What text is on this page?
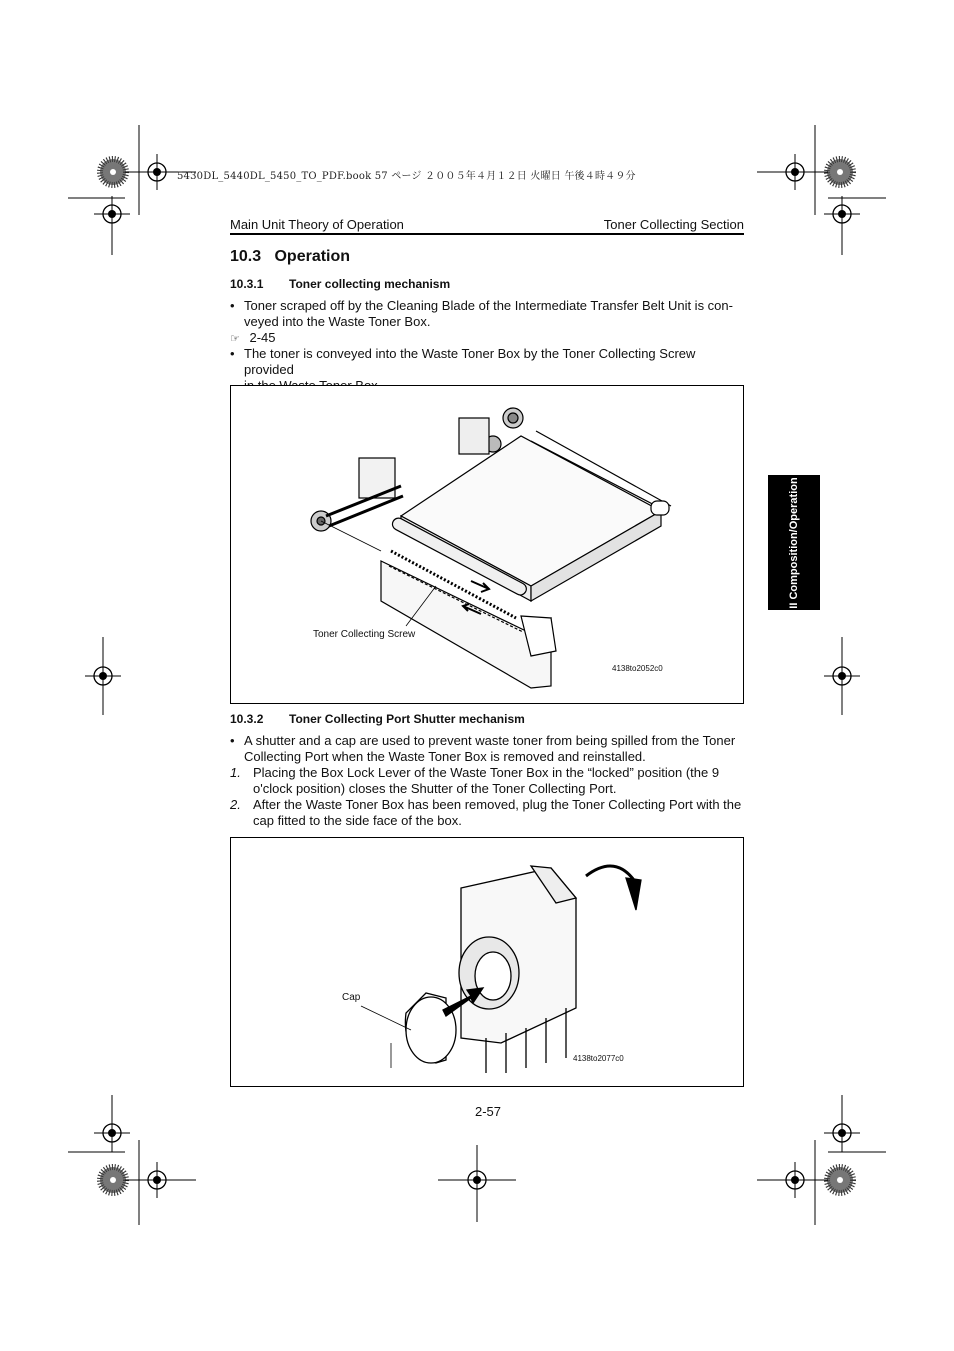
5430DL_5440DL_5450_TO_PDF.book 57 ページ ２００５年４月１２日 火曜日 午後４時４９分
Main Unit Theory of Operation	Toner Collecting Section
10.3   Operation
10.3.1 Toner collecting mechanism
• Toner scraped off by the Cleaning Blade of the Intermediate Transfer Belt Unit is con-
veyed into the Waste Toner Box.
☞ 2-45
• The toner is conveyed into the Waste Toner Box by the Toner Collecting Screw provided
Toner Collecting Screw
4138to2052c0
10.3.2 Toner Collecting Port Shutter mechanism
• A shutter and a cap are used to prevent waste toner from being spilled from the Toner
Collecting Port when the Waste Toner Box is removed and reinstalled.
1. Placing the Box Lock Lever of the Waste Toner Box in the “locked” position (the 9
o'clock position) closes the Shutter of the Toner Collecting Port.
2. After the Waste Toner Box has been removed, plug the Toner Collecting Port with the
cap fitted to the side face of the box.
Cap
4138to2077c0
II Composition/Operation
2-57
